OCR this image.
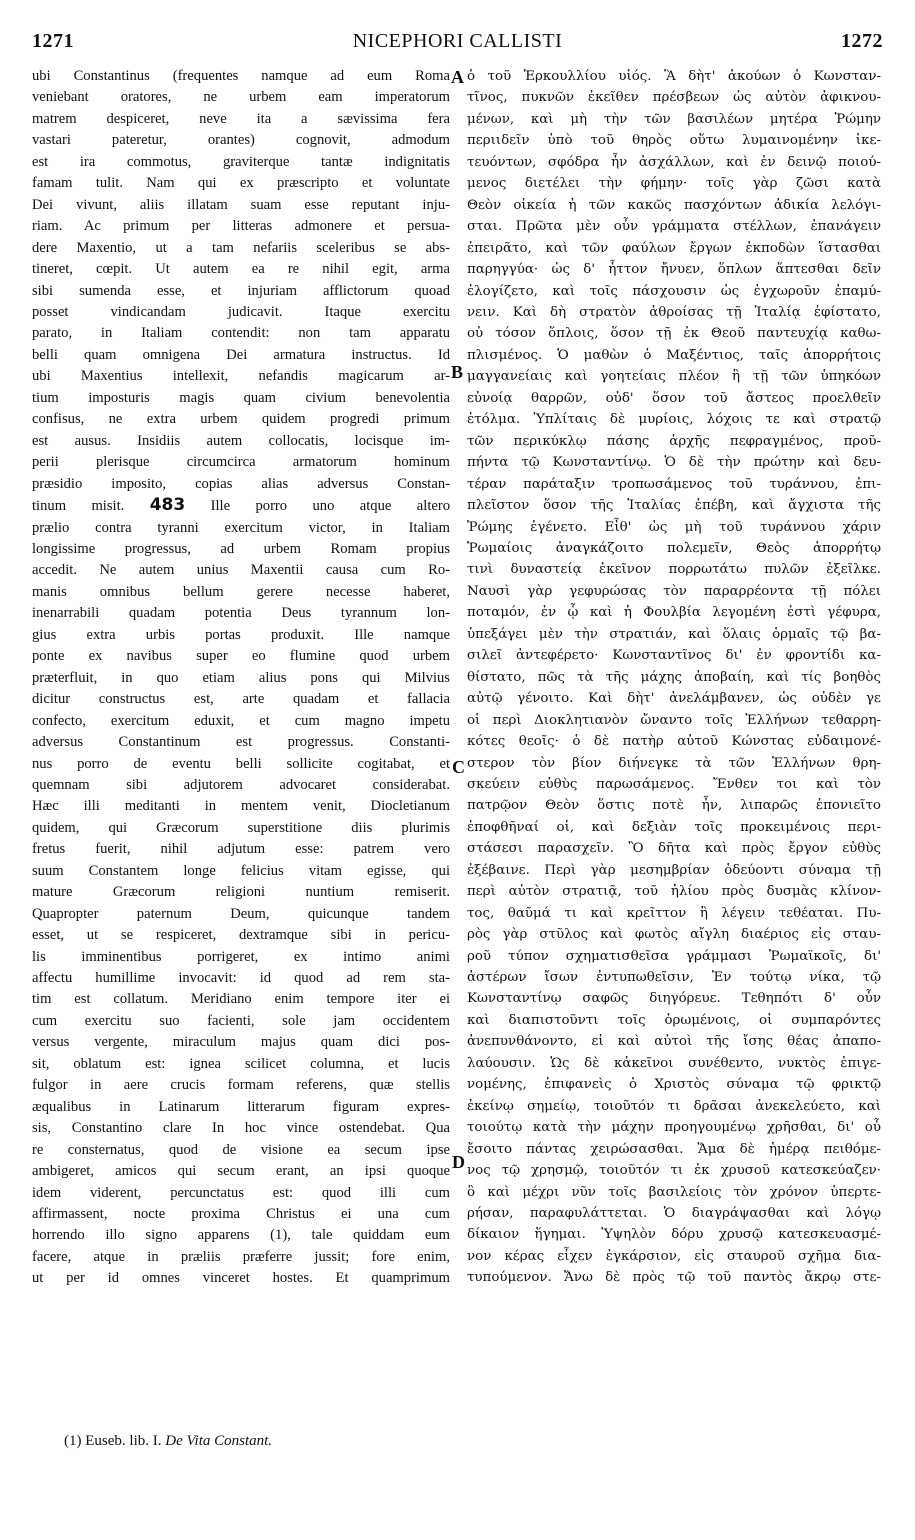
1271	NICEPHORI CALLISTI	1272
ubi Constantinus (frequentes namque ad eum Roma
veniebant oratores, ne urbem eam imperatorum
matrem despiceret, neve ita a sævissima fera
vastari pateretur, orantes) cognovit, admodum
est ira commotus, graviterque tantæ indignitatis
famam tulit. Nam qui ex præscripto et voluntate
Dei vivunt, aliis illatam suam esse reputant inju-
riam. Ac primum per litteras admonere et persua-
dere Maxentio, ut a tam nefariis sceleribus se abs-
tineret, cœpit. Ut autem ea re nihil egit, arma
sibi sumenda esse, et injuriam afflictorum quoad
posset vindicandam judicavit. Itaque exercitu
parato, in Italiam contendit: non tam apparatu
belli quam omnigena Dei armatura instructus. Id
ubi Maxentius intellexit, nefandis magicarum ar-
tium imposturis magis quam civium benevolentia
confisus, ne extra urbem quidem progredi primum
est ausus. Insidiis autem collocatis, locisque im-
perii plerisque circumcirca armatorum hominum
præsidio imposito, copias alias adversus Constan-
tinum misit. 483 Ille porro uno atque altero
prælio contra tyranni exercitum victor, in Italiam
longissime progressus, ad urbem Romam propius
accedit. Ne autem unius Maxentii causa cum Ro-
manis omnibus bellum gerere necesse haberet,
inenarrabili quadam potentia Deus tyrannum lon-
gius extra urbis portas produxit. Ille namque
ponte ex navibus super eo flumine quod urbem
præterfluit, in quo etiam alius pons qui Milvius
dicitur constructus est, arte quadam et fallacia
confecto, exercitum eduxit, et cum magno impetu
adversus Constantinum est progressus. Constanti-
nus porro de eventu belli sollicite cogitabat, et
quemnam sibi adjutorem advocaret considerabat.
Hæc illi meditanti in mentem venit, Diocletianum
quidem, qui Græcorum superstitione diis plurimis
fretus fuerit, nihil adjutum esse: patrem vero
suum Constantem longe felicius vitam egisse, qui
mature Græcorum religioni nuntium remiserit.
Quapropter paternum Deum, quicunque tandem
esset, ut se respiceret, dextramque sibi in pericu-
lis imminentibus porrigeret, ex intimo animi
affectu humillime invocavit: id quod ad rem sta-
tim est collatum. Meridiano enim tempore iter ei
cum exercitu suo facienti, sole jam occidentem
versus vergente, miraculum majus quam dici pos-
sit, oblatum est: ignea scilicet columna, et lucis
fulgor in aere crucis formam referens, quæ stellis
æqualibus in Latinarum litterarum figuram expres-
sis, Constantino clare In hoc vince ostendebat. Qua
re consternatus, quod de visione ea secum ipse
ambigeret, amicos qui secum erant, an ipsi quoque
idem viderent, percunctatus est: quod illi cum
affirmassent, nocte proxima Christus ei una cum
horrendo illo signo apparens (1), tale quiddam eum
facere, atque in præliis præferre jussit; fore enim,
ut per id omnes vinceret hostes. Et quamprimum
ὁ τοῦ Ἑρκουλλίου υἱός. Ἃ δὴτ' ἀκούων ὁ Κωνσταν-
τῖνος, πυκνῶν ἐκεῖθεν πρέσβεων ὡς αὐτὸν ἀφικνου-
μένων, καὶ μὴ τὴν τῶν βασιλέων μητέρα Ῥώμην
περιιδεῖν ὑπὸ τοῦ θηρὸς οὕτω λυμαινομένην ἱκε-
τευόντων, σφόδρα ἦν ἀσχάλλων, καὶ ἐν δεινῷ ποιού-
μενος διετέλει τὴν φήμην· τοῖς γὰρ ζῶσι κατὰ
Θεὸν οἰκεία ἡ τῶν κακῶς πασχόντων ἀδικία λελόγι-
σται. Πρῶτα μὲν οὖν γράμματα στέλλων, ἐπανάγειν
ἐπειρᾶτο, καὶ τῶν φαύλων ἔργων ἐκποδὼν ἵστασθαι
παρηγγύα· ὡς δ' ἧττον ἤνυεν, ὅπλων ἅπτεσθαι δεῖν
ἐλογίζετο, καὶ τοῖς πάσχουσιν ὡς ἐγχωροῦν ἐπαμύ-
νειν. Καὶ δὴ στρατὸν ἀθροίσας τῇ Ἰταλίᾳ ἐφίστατο,
οὐ τόσον ὅπλοις, ὅσον τῇ ἐκ Θεοῦ παντευχίᾳ καθω-
πλισμένος. Ὁ μαθὼν ὁ Μαξέντιος, ταῖς ἀπορρήτοις
μαγγανείαις καὶ γοητείαις πλέον ἢ τῇ τῶν ὑπηκόων
εὐνοίᾳ θαρρῶν, οὐδ' ὅσον τοῦ ἄστεος προελθεῖν
ἐτόλμα. Ὑπλίταις δὲ μυρίοις, λόχοις τε καὶ στρατῷ
τῶν περικύκλῳ πάσης ἀρχῆς πεφραγμένος, προῦ-
πήντα τῷ Κωνσταντίνῳ. Ὁ δὲ τὴν πρώτην καὶ δευ-
τέραν παράταξιν τροπωσάμενος τοῦ τυράννου, ἐπι-
πλεῖστον ὅσον τῆς Ἰταλίας ἐπέβη, καὶ ἄγχιστα τῆς
Ῥώμης ἐγένετο. Εἶθ' ὡς μὴ τοῦ τυράννου χάριν
Ῥωμαίοις ἀναγκάζοιτο πολεμεῖν, Θεὸς ἀπορρήτῳ
τινὶ δυναστείᾳ ἐκεῖνον πορρωτάτω πυλῶν ἐξεῖλκε.
Ναυσὶ γὰρ γεφυρώσας τὸν παραρρέοντα τῇ πόλει
ποταμόν, ἐν ᾧ καὶ ἡ Φουλβία λεγομένη ἐστὶ γέφυρα,
ὑπεξάγει μὲν τὴν στρατιάν, καὶ ὅλαις ὁρμαῖς τῷ βα-
σιλεῖ ἀντεφέρετο· Κωνσταντῖνος δι' ἐν φροντίδι κα-
θίστατο, πῶς τὰ τῆς μάχης ἀποβαίη, καὶ τίς βοηθὸς
αὐτῷ γένοιτο. Καὶ δὴτ' ἀνελάμβανεν, ὡς οὐδὲν γε
οἱ περὶ Διοκλητιανὸν ὤναντο τοῖς Ἑλλήνων τεθαρρη-
κότες θεοῖς· ὁ δὲ πατὴρ αὐτοῦ Κώνστας εὐδαιμονέ-
στερον τὸν βίον διήνεγκε τὰ τῶν Ἑλλήνων θρη-
σκεύειν εὐθὺς παρωσάμενος. Ἔνθεν τοι καὶ τὸν
πατρῷον Θεὸν ὅστις ποτὲ ἦν, λιπαρῶς ἐπονιεῖτο
ἐποφθῆναί οἱ, καὶ δεξιὰν τοῖς προκειμένοις περι-
στάσεσι παρασχεῖν. Ὃ δῆτα καὶ πρὸς ἔργον εὐθὺς
ἐξέβαινε. Περὶ γὰρ μεσημβρίαν ὁδεύοντι σύναμα τῇ
περὶ αὐτὸν στρατιᾷ, τοῦ ἡλίου πρὸς δυσμὰς κλίνον-
τος, θαῦμά τι καὶ κρεῖττον ἢ λέγειν τεθέαται. Πυ-
ρὸς γὰρ στῦλος καὶ φωτὸς αἴγλη διαέριος εἰς σταυ-
ροῦ τύπον σχηματισθεῖσα γράμμασι Ῥωμαϊκοῖς, δι'
ἀστέρων ἴσων ἐντυπωθεῖσιν, Ἐν τούτῳ νίκα, τῷ
Κωνσταντίνῳ σαφῶς διηγόρευε. Τεθηπότι δ' οὖν
καὶ διαπιστοῦντι τοῖς ὁρωμένοις, οἱ συμπαρόντες
ἀνεπυνθάνοντο, εἰ καὶ αὐτοὶ τῆς ἴσης θέας ἀπαπο-
λαύουσιν. Ὡς δὲ κἀκεῖνοι συνέθεντο, νυκτὸς ἐπιγε-
νομένης, ἐπιφανεὶς ὁ Χριστὸς σύναμα τῷ φρικτῷ
ἐκείνῳ σημείῳ, τοιοῦτόν τι δρᾶσαι ἀνεκελεύετο, καὶ
τοιούτῳ κατὰ τὴν μάχην προηγουμένῳ χρῆσθαι, δι' οὗ
ἔσοιτο πάντας χειρώσασθαι. Ἅμα δὲ ἡμέρᾳ πειθόμε-
νος τῷ χρησμῷ, τοιοῦτόν τι ἐκ χρυσοῦ κατεσκεύαζεν·
ὃ καὶ μέχρι νῦν τοῖς βασιλείοις τὸν χρόνον ὑπερτε-
ρήσαν, παραφυλάττεται. Ὁ διαγράψασθαι καὶ λόγῳ
δίκαιον ἥγημαι. Ὑψηλὸν δόρυ χρυσῷ κατεσκευασμέ-
νον κέρας εἶχεν ἐγκάρσιον, εἰς σταυροῦ σχῆμα δια-
τυπούμενον. Ἄνω δὲ πρὸς τῷ τοῦ παντὸς ἄκρῳ στε-
A
B
C
D
(1) Euseb. lib. I. De Vita Constant.
